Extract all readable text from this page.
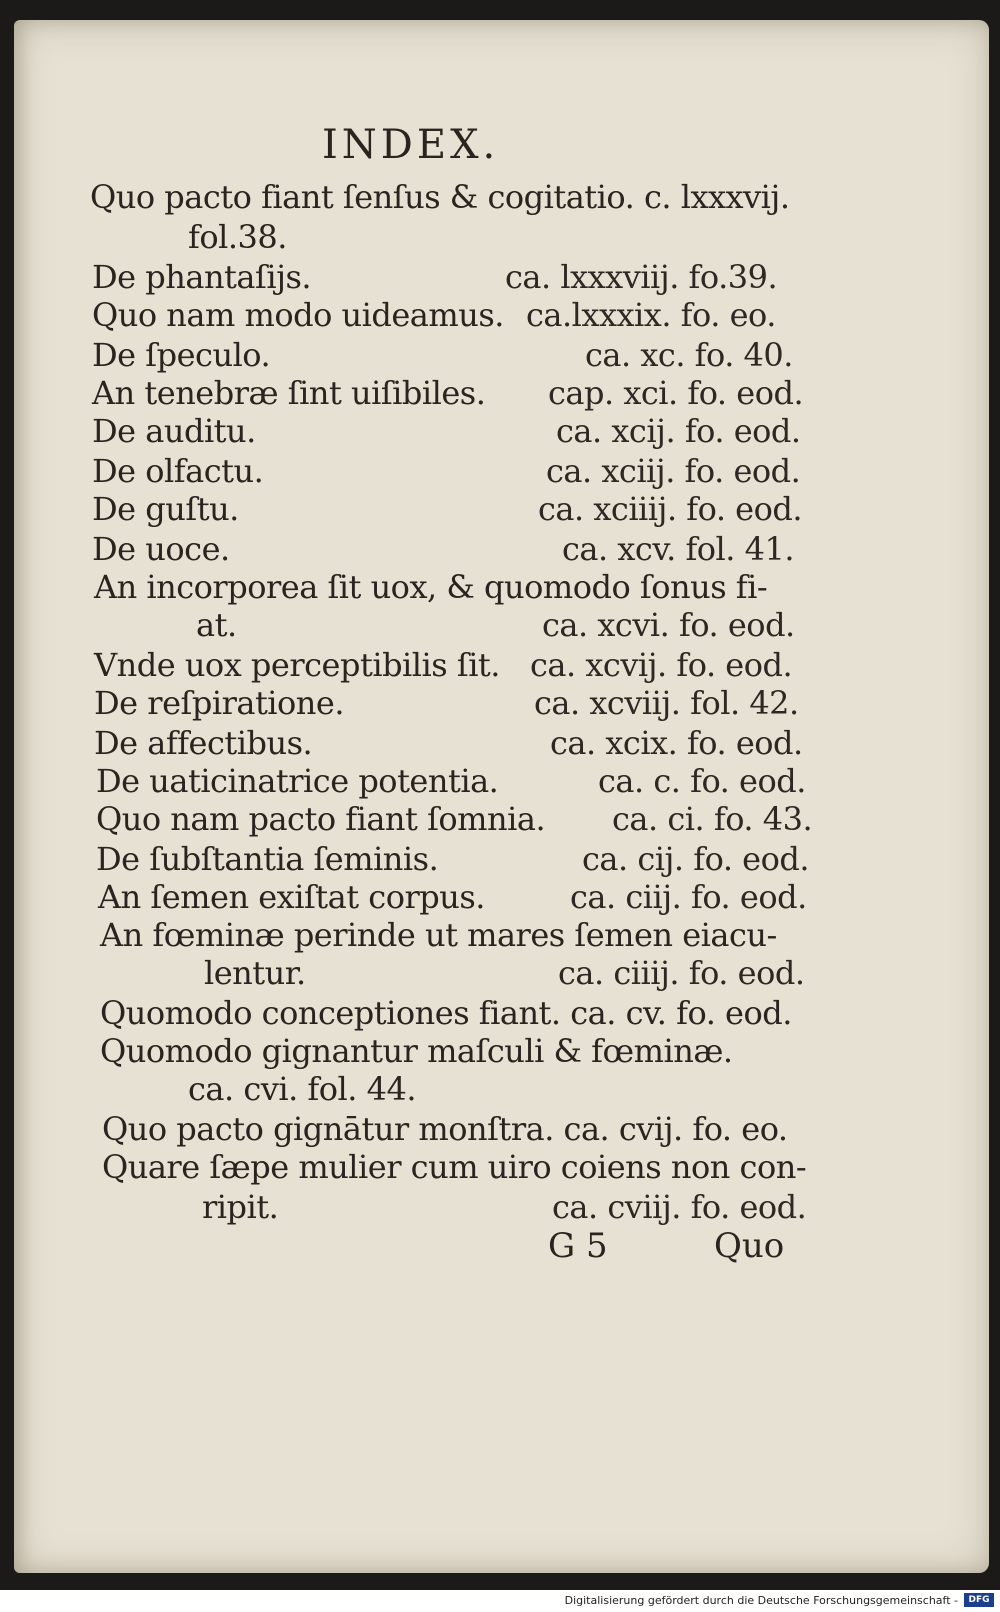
INDEX.
Quo pacto fiant ſenſus & cogitatio. c. lxxxvij.
fol.38.
De phantaſijs.	ca. lxxxviij. fo.39.
Quo nam modo uideamus. ca.lxxxix. fo. eo.
De ſpeculo.	ca. xc. fo. 40.
An tenebræ ſint uiſibiles. cap. xci. fo. eod.
De auditu.	ca. xcij. fo. eod.
De olfactu.	ca. xciij. fo. eod.
De guſtu.	ca. xciiij. fo. eod.
De uoce.	ca. xcv. fol. 41.
An incorporea ſit uox, & quomodo ſonus fi-
at.	ca. xcvi. fo. eod.
Vnde uox perceptibilis ſit. ca. xcvij. fo. eod.
De reſpiratione.	ca. xcviij. fol. 42.
De affectibus.	ca. xcix. fo. eod.
De uaticinatrice potentia.	ca. c. fo. eod.
Quo nam pacto fiant ſomnia. ca. ci. fo. 43.
De ſubſtantia ſeminis.	ca. cij. fo. eod.
An ſemen exiſtat corpus.	ca. ciij. fo. eod.
An fœminæ perinde ut mares ſemen eiacu-
lentur.	ca. ciiij. fo. eod.
Quomodo conceptiones fiant. ca. cv. fo. eod.
Quomodo gignantur maſculi & fœminæ.
ca. cvi. fol. 44.
Quo pacto gignātur monſtra. ca. cvij. fo. eo.
Quare ſæpe mulier cum uiro coiens non con-
ripit.	ca. cviij. fo. eod.
G 5	Quo
Digitalisierung gefördert durch die Deutsche Forschungsgemeinschaft -	DFG
